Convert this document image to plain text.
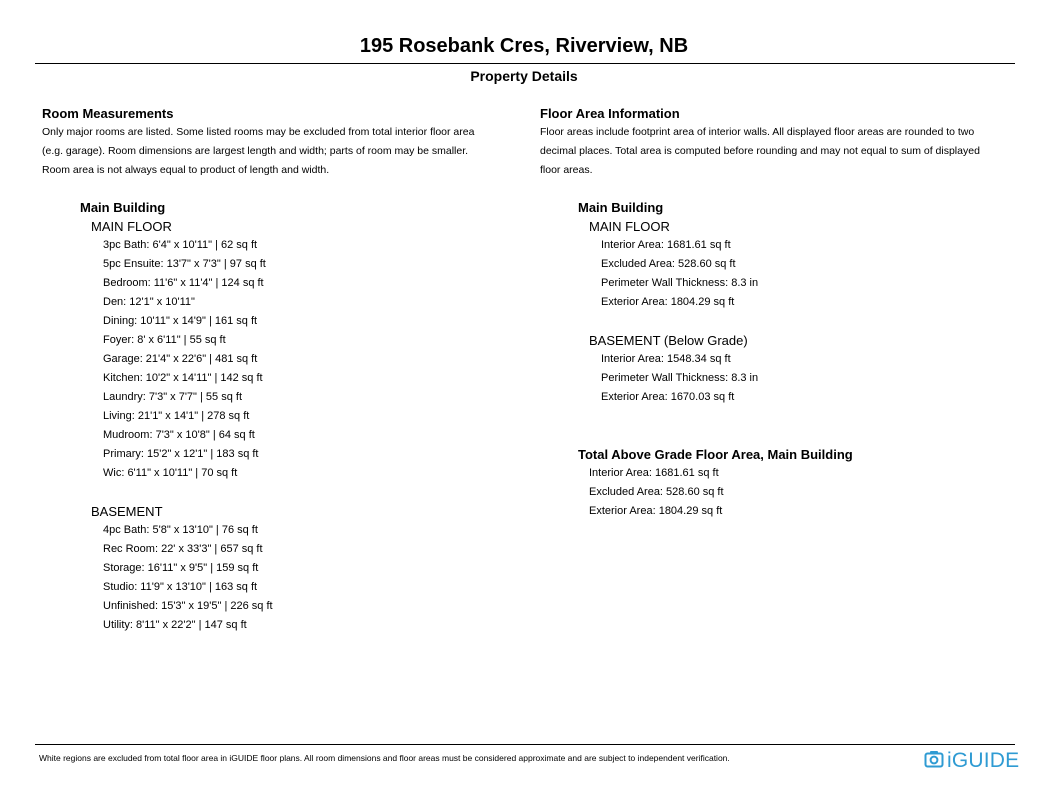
195 Rosebank Cres, Riverview, NB
Property Details
Room Measurements

Only major rooms are listed. Some listed rooms may be excluded from total interior floor area

(e.g. garage). Room dimensions are largest length and width; parts of room may be smaller.

Room area is not always equal to product of length and width.

Main Building
MAIN FLOOR
3pc Bath: 6'4" x 10'11" | 62 sq ft
5pc Ensuite: 13'7" x 7'3" | 97 sq ft
Bedroom: 11'6" x 11'4" | 124 sq ft
Den: 12'1" x 10'11"
Dining: 10'11" x 14'9" | 161 sq ft
Foyer: 8' x 6'11" | 55 sq ft
Garage: 21'4" x 22'6" | 481 sq ft
Kitchen: 10'2" x 14'11" | 142 sq ft
Laundry: 7'3" x 7'7" | 55 sq ft
Living: 21'1" x 14'1" | 278 sq ft
Mudroom: 7'3" x 10'8" | 64 sq ft
Primary: 15'2" x 12'1" | 183 sq ft
Wic: 6'11" x 10'11" | 70 sq ft
BASEMENT
4pc Bath: 5'8" x 13'10" | 76 sq ft
Rec Room: 22' x 33'3" | 657 sq ft
Storage: 16'11" x 9'5" | 159 sq ft
Studio: 11'9" x 13'10" | 163 sq ft
Unfinished: 15'3" x 19'5" | 226 sq ft
Utility: 8'11" x 22'2" | 147 sq ft
Floor Area Information

Floor areas include footprint area of interior walls. All displayed floor areas are rounded to two

decimal places. Total area is computed before rounding and may not equal to sum of displayed

floor areas.

Main Building
MAIN FLOOR
Interior Area: 1681.61 sq ft
Excluded Area: 528.60 sq ft
Perimeter Wall Thickness: 8.3 in
Exterior Area: 1804.29 sq ft
BASEMENT (Below Grade)
Interior Area: 1548.34 sq ft
Perimeter Wall Thickness: 8.3 in
Exterior Area: 1670.03 sq ft
Total Above Grade Floor Area, Main Building
Interior Area: 1681.61 sq ft
Excluded Area: 528.60 sq ft
Exterior Area: 1804.29 sq ft
White regions are excluded from total floor area in iGUIDE floor plans. All room dimensions and floor areas must be considered approximate and are subject to independent verification.	iGUIDE
